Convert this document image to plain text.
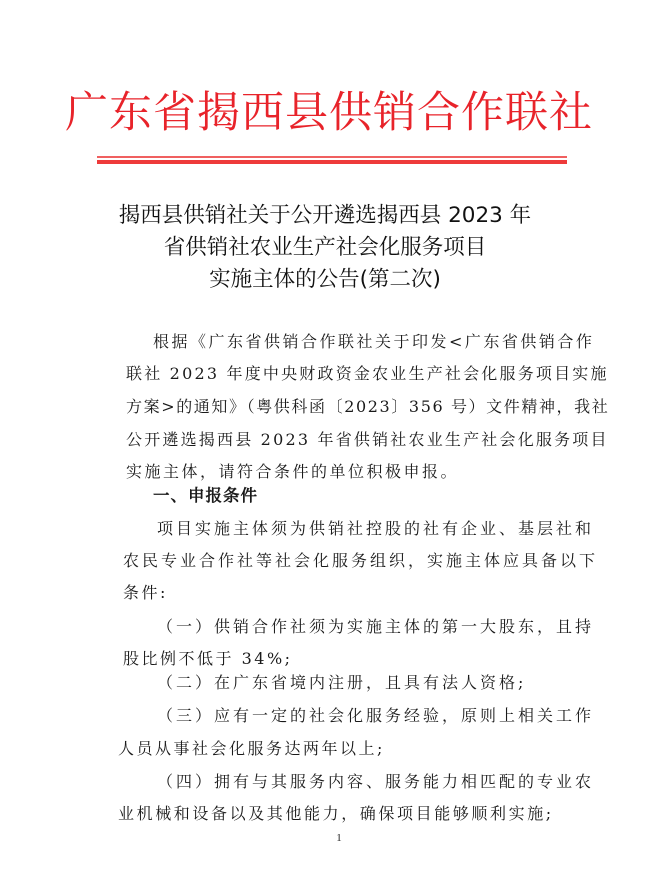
广东省揭西县供销合作联社
揭西县供销社关于公开遴选揭西县 2023 年
省供销社农业生产社会化服务项目
实施主体的公告(第二次)
根据《广东省供销合作联社关于印发<广东省供销合作
联社 2023 年度中央财政资金农业生产社会化服务项目实施
方案>的通知》（粤供科函〔2023〕356 号）文件精神，我社
公开遴选揭西县 2023 年省供销社农业生产社会化服务项目
实施主体，请符合条件的单位积极申报。
一、申报条件
项目实施主体须为供销社控股的社有企业、基层社和
农民专业合作社等社会化服务组织，实施主体应具备以下
条件:
（一）供销合作社须为实施主体的第一大股东，且持
股比例不低于 34%;
（二）在广东省境内注册，且具有法人资格;
（三）应有一定的社会化服务经验，原则上相关工作
人员从事社会化服务达两年以上;
（四）拥有与其服务内容、服务能力相匹配的专业农
业机械和设备以及其他能力，确保项目能够顺利实施;
1
